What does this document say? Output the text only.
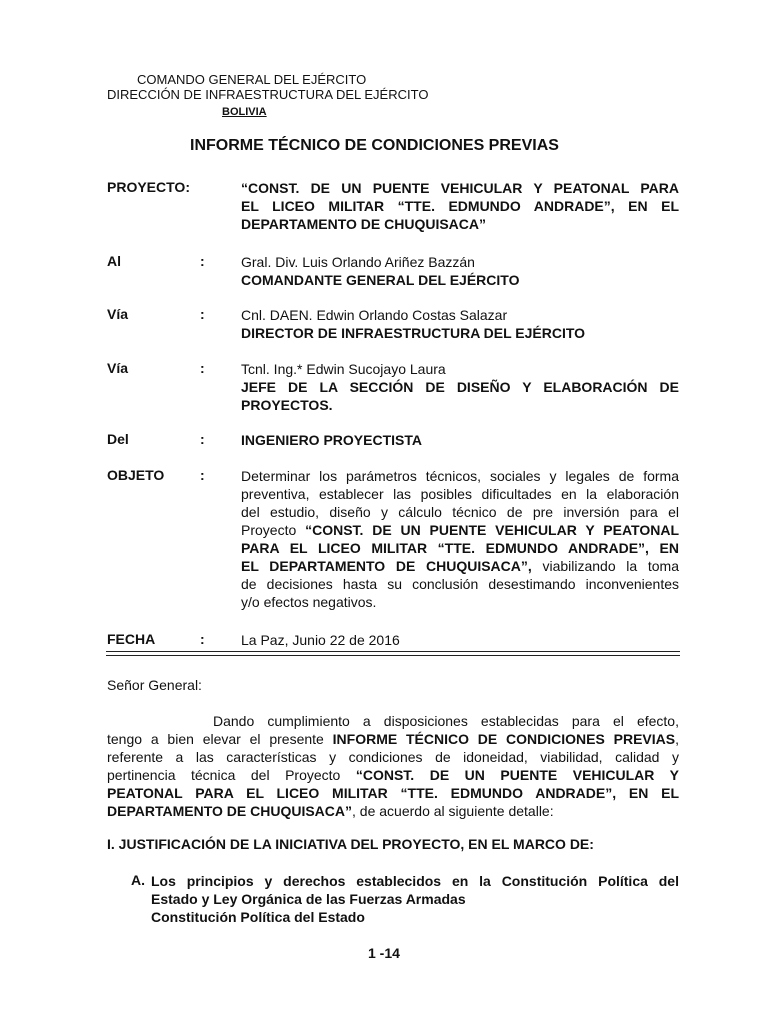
COMANDO GENERAL DEL EJÉRCITO
DIRECCIÓN DE INFRAESTRUCTURA DEL EJÉRCITO
BOLIVIA
INFORME TÉCNICO DE CONDICIONES PREVIAS
PROYECTO:	“CONST. DE UN PUENTE VEHICULAR Y PEATONAL PARA
EL LICEO MILITAR “TTE. EDMUNDO ANDRADE”, EN EL
DEPARTAMENTO DE CHUQUISACA”
Al	:	Gral. Div. Luis Orlando Ariñez Bazzán
COMANDANTE GENERAL DEL EJÉRCITO
Vía	:	Cnl. DAEN. Edwin Orlando Costas Salazar
DIRECTOR DE INFRAESTRUCTURA DEL EJÉRCITO
Vía	:	Tcnl. Ing.* Edwin Sucojayo Laura
JEFE DE LA SECCIÓN DE DISEÑO Y ELABORACIÓN DE
PROYECTOS.
Del	:	INGENIERO PROYECTISTA
OBJETO	:	Determinar los parámetros técnicos, sociales y legales de forma
preventiva, establecer las posibles dificultades en la elaboración
del estudio, diseño y cálculo técnico de pre inversión para el
Proyecto “CONST. DE UN PUENTE VEHICULAR Y PEATONAL
PARA EL LICEO MILITAR “TTE. EDMUNDO ANDRADE”, EN
EL DEPARTAMENTO DE CHUQUISACA”, viabilizando la toma
de decisiones hasta su conclusión desestimando inconvenientes
y/o efectos negativos.
FECHA	:	La Paz, Junio 22 de 2016
Señor General:
Dando cumplimiento a disposiciones establecidas para el efecto,
tengo a bien elevar el presente INFORME TÉCNICO DE CONDICIONES PREVIAS,
referente a las características y condiciones de idoneidad, viabilidad, calidad y
pertinencia técnica del Proyecto “CONST. DE UN PUENTE VEHICULAR Y
PEATONAL PARA EL LICEO MILITAR “TTE. EDMUNDO ANDRADE”, EN EL
DEPARTAMENTO DE CHUQUISACA”, de acuerdo al siguiente detalle:
I. JUSTIFICACIÓN DE LA INICIATIVA DEL PROYECTO, EN EL MARCO DE:
A. Los principios y derechos establecidos en la Constitución Política del
Estado y Ley Orgánica de las Fuerzas Armadas
Constitución Política del Estado
1 -14
